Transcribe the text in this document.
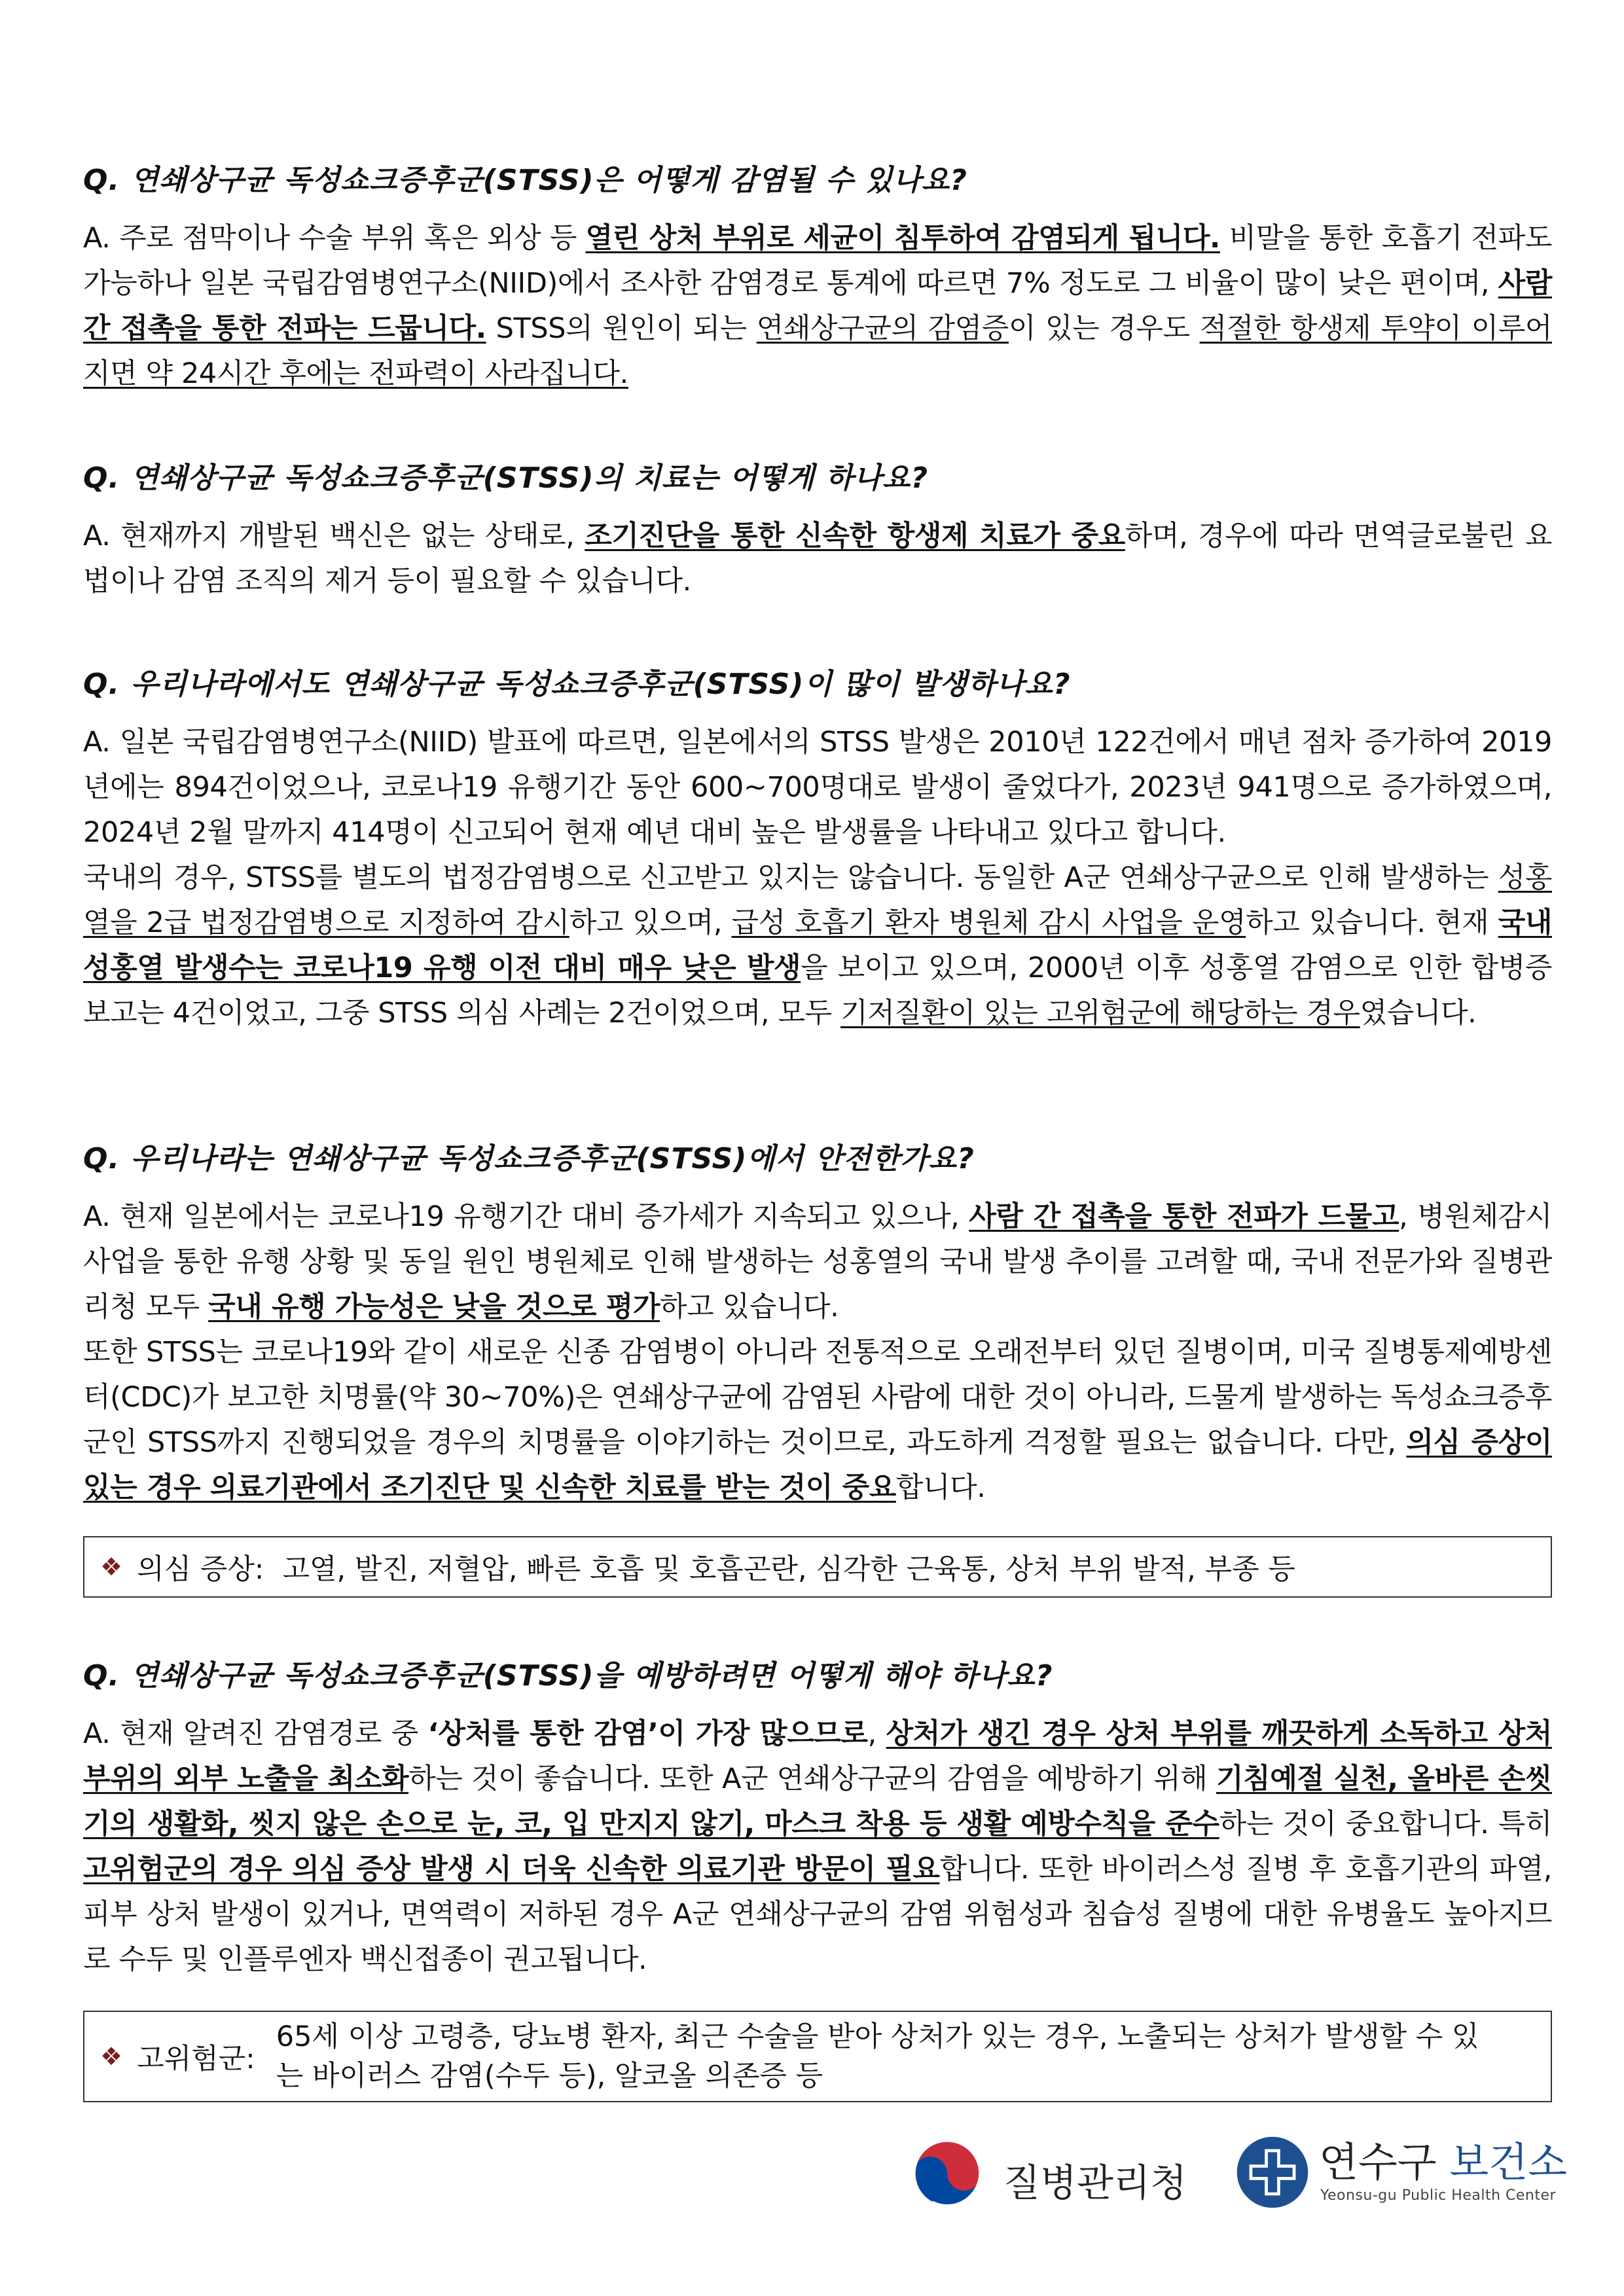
Q. 연쇄상구균 독성쇼크증후군(STSS)은 어떻게 감염될 수 있나요?
A. 주로 점막이나 수술 부위 혹은 외상 등 열린 상처 부위로 세균이 침투하여 감염되게 됩니다. 비말을 통한 호흡기 전파도 가능하나 일본 국립감염병연구소(NIID)에서 조사한 감염경로 통계에 따르면 7% 정도로 그 비율이 많이 낮은 편이며, 사람 간 접촉을 통한 전파는 드뭅니다. STSS의 원인이 되는 연쇄상구균의 감염증이 있는 경우도 적절한 항생제 투약이 이루어지면 약 24시간 후에는 전파력이 사라집니다.
Q. 연쇄상구균 독성쇼크증후군(STSS)의 치료는 어떻게 하나요?
A. 현재까지 개발된 백신은 없는 상태로, 조기진단을 통한 신속한 항생제 치료가 중요하며, 경우에 따라 면역글로불린 요법이나 감염 조직의 제거 등이 필요할 수 있습니다.
Q. 우리나라에서도 연쇄상구균 독성쇼크증후군(STSS)이 많이 발생하나요?

A. 일본 국립감염병연구소(NIID) 발표에 따르면, 일본에서의 STSS 발생은 2010년 122건에서 매년 점차 증가하여 2019년에는 894건이었으나, 코로나19 유행기간 동안 600~700명대로 발생이 줄었다가, 2023년 941명으로 증가하였으며, 2024년 2월 말까지 414명이 신고되어 현재 예년 대비 높은 발생률을 나타내고 있다고 합니다.

국내의 경우, STSS를 별도의 법정감염병으로 신고받고 있지는 않습니다. 동일한 A군 연쇄상구균으로 인해 발생하는 성홍열을 2급 법정감염병으로 지정하여 감시하고 있으며, 급성 호흡기 환자 병원체 감시 사업을 운영하고 있습니다. 현재 국내 성홍열 발생수는 코로나19 유행 이전 대비 매우 낮은 발생을 보이고 있으며, 2000년 이후 성홍열 감염으로 인한 합병증 보고는 4건이었고, 그중 STSS 의심 사례는 2건이었으며, 모두 기저질환이 있는 고위험군에 해당하는 경우였습니다.

Q. 우리나라는 연쇄상구균 독성쇼크증후군(STSS)에서 안전한가요?

A. 현재 일본에서는 코로나19 유행기간 대비 증가세가 지속되고 있으나, 사람 간 접촉을 통한 전파가 드물고, 병원체감시 사업을 통한 유행 상황 및 동일 원인 병원체로 인해 발생하는 성홍열의 국내 발생 추이를 고려할 때, 국내 전문가와 질병관리청 모두 국내 유행 가능성은 낮을 것으로 평가하고 있습니다.

또한 STSS는 코로나19와 같이 새로운 신종 감염병이 아니라 전통적으로 오래전부터 있던 질병이며, 미국 질병통제예방센터(CDC)가 보고한 치명률(약 30~70%)은 연쇄상구균에 감염된 사람에 대한 것이 아니라, 드물게 발생하는 독성쇼크증후군인 STSS까지 진행되었을 경우의 치명률을 이야기하는 것이므로, 과도하게 걱정할 필요는 없습니다. 다만, 의심 증상이 있는 경우 의료기관에서 조기진단 및 신속한 치료를 받는 것이 중요합니다.

❖ 의심 증상: 고열, 발진, 저혈압, 빠른 호흡 및 호흡곤란, 심각한 근육통, 상처 부위 발적, 부종 등
Q. 연쇄상구균 독성쇼크증후군(STSS)을 예방하려면 어떻게 해야 하나요?
A. 현재 알려진 감염경로 중 ‘상처를 통한 감염’이 가장 많으므로, 상처가 생긴 경우 상처 부위를 깨끗하게 소독하고 상처 부위의 외부 노출을 최소화하는 것이 좋습니다. 또한 A군 연쇄상구균의 감염을 예방하기 위해 기침예절 실천, 올바른 손씻기의 생활화, 씻지 않은 손으로 눈, 코, 입 만지지 않기, 마스크 착용 등 생활 예방수칙을 준수하는 것이 중요합니다. 특히 고위험군의 경우 의심 증상 발생 시 더욱 신속한 의료기관 방문이 필요합니다. 또한 바이러스성 질병 후 호흡기관의 파열, 피부 상처 발생이 있거나, 면역력이 저하된 경우 A군 연쇄상구균의 감염 위험성과 침습성 질병에 대한 유병율도 높아지므로 수두 및 인플루엔자 백신접종이 권고됩니다.
❖ 고위험군:
65세 이상 고령층, 당뇨병 환자, 최근 수술을 받아 상처가 있는 경우, 노출되는 상처가 발생할 수 있는 바이러스 감염(수두 등), 알코올 의존증 등
질병관리청	연수구 보건소
Yeonsu-gu Public Health Center
